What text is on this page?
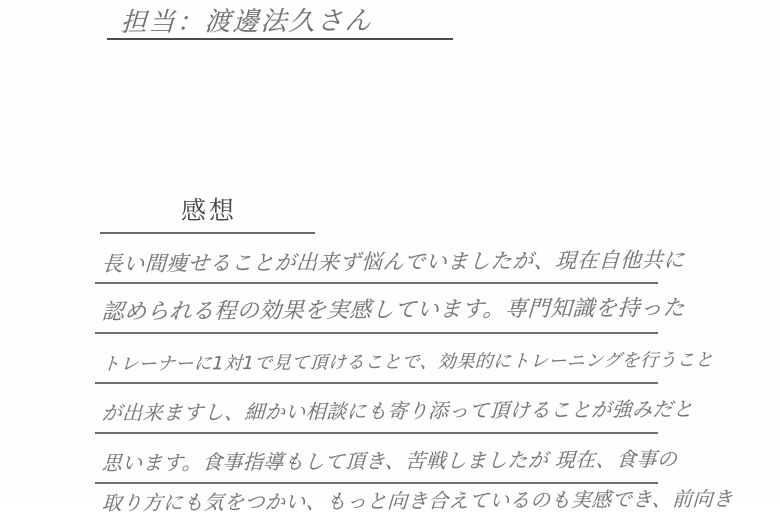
担当：渡邊法久さん
感想
長い間痩せることが出来ず悩んでいましたが、現在自他共に
認められる程の効果を実感しています。専門知識を持った
トレーナーに1対1で見て頂けることで、効果的にトレーニングを行うこと
が出来ますし、細かい相談にも寄り添って頂けることが強みだと
思います。食事指導もして頂き、苦戦しましたが 現在、食事の
取り方にも気をつかい、もっと向き合えているのも実感でき、前向き
